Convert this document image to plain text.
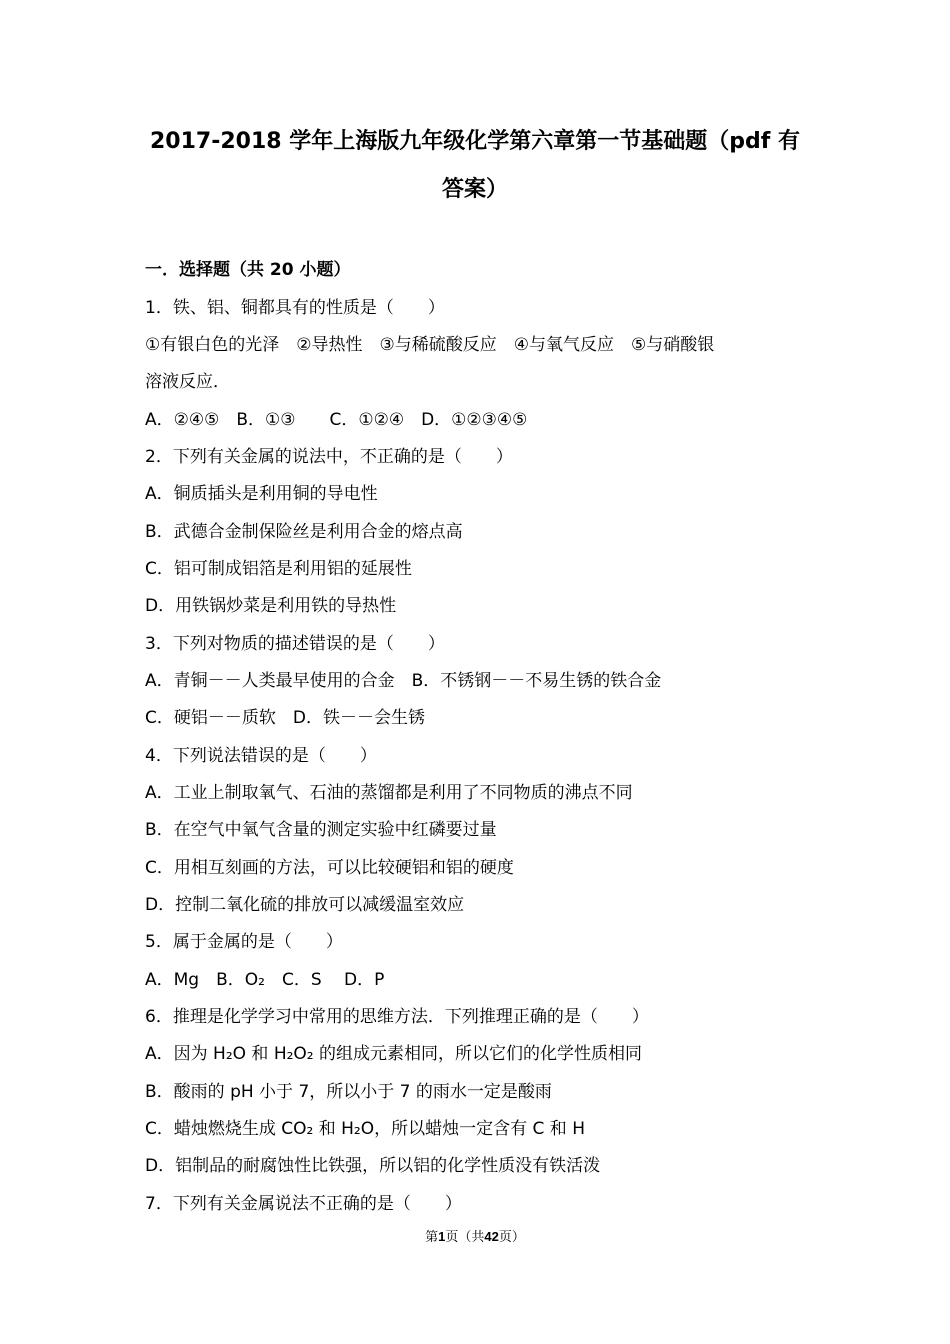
2017-2018 学年上海版九年级化学第六章第一节基础题（pdf 有
答案）
一．选择题（共 20 小题）
1．铁、铝、铜都具有的性质是（　　）
①有银白色的光泽　②导热性　③与稀硫酸反应　④与氧气反应　⑤与硝酸银
溶液反应．
A．②④⑤　B．①③　　C．①②④　D．①②③④⑤
2．下列有关金属的说法中，不正确的是（　　）
A．铜质插头是利用铜的导电性
B．武德合金制保险丝是利用合金的熔点高
C．铝可制成铝箔是利用铝的延展性
D．用铁锅炒菜是利用铁的导热性
3．下列对物质的描述错误的是（　　）
A．青铜－－人类最早使用的合金　B．不锈钢－－不易生锈的铁合金
C．硬铝－－质软　D．铁－－会生锈
4．下列说法错误的是（　　）
A．工业上制取氧气、石油的蒸馏都是利用了不同物质的沸点不同
B．在空气中氧气含量的测定实验中红磷要过量
C．用相互刻画的方法，可以比较硬铝和铝的硬度
D．控制二氧化硫的排放可以减缓温室效应
5．属于金属的是（　　）
A．Mg　B．O₂　C．S　 D．P
6．推理是化学学习中常用的思维方法．下列推理正确的是（　　）
A．因为 H₂O 和 H₂O₂ 的组成元素相同，所以它们的化学性质相同
B．酸雨的 pH 小于 7，所以小于 7 的雨水一定是酸雨
C．蜡烛燃烧生成 CO₂ 和 H₂O，所以蜡烛一定含有 C 和 H
D．铝制品的耐腐蚀性比铁强，所以铝的化学性质没有铁活泼
7．下列有关金属说法不正确的是（　　）
第1页（共42页）
